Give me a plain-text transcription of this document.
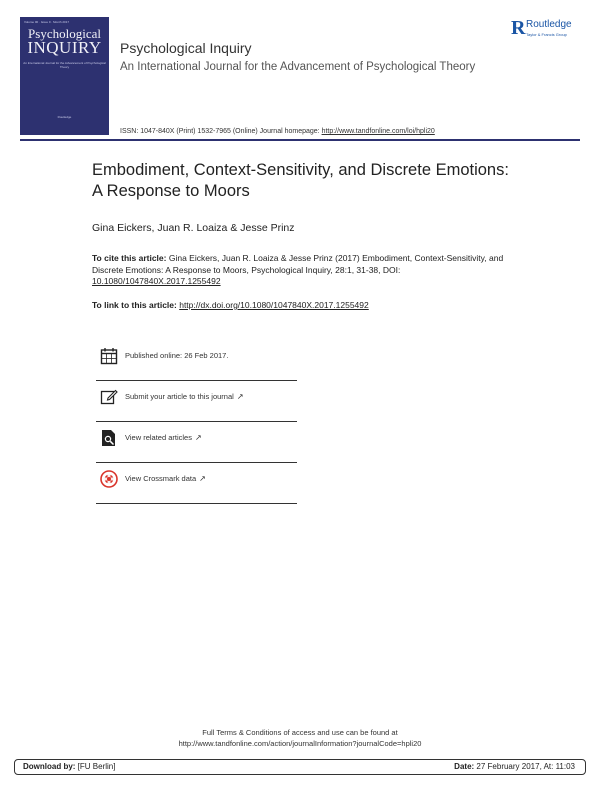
Volume 00 · Issue 0 · Month 2017
Psychological
INQUIRY
An International Journal for the Advancement of Psychological Theory
Routledge
R Routledge
Taylor & Francis Group
Psychological Inquiry
An International Journal for the Advancement of Psychological Theory
ISSN: 1047-840X (Print) 1532-7965 (Online) Journal homepage: http://www.tandfonline.com/loi/hpli20
Embodiment, Context-Sensitivity, and Discrete Emotions: A Response to Moors
Gina Eickers, Juan R. Loaiza & Jesse Prinz
To cite this article: Gina Eickers, Juan R. Loaiza & Jesse Prinz (2017) Embodiment, Context-Sensitivity, and Discrete Emotions: A Response to Moors, Psychological Inquiry, 28:1, 31-38, DOI: 10.1080/1047840X.2017.1255492
To link to this article: http://dx.doi.org/10.1080/1047840X.2017.1255492
Published online: 26 Feb 2017.
Submit your article to this journal ↗
View related articles ↗
View Crossmark data ↗
Full Terms & Conditions of access and use can be found at
http://www.tandfonline.com/action/journalInformation?journalCode=hpli20
Download by: [FU Berlin]	Date: 27 February 2017, At: 11:03
